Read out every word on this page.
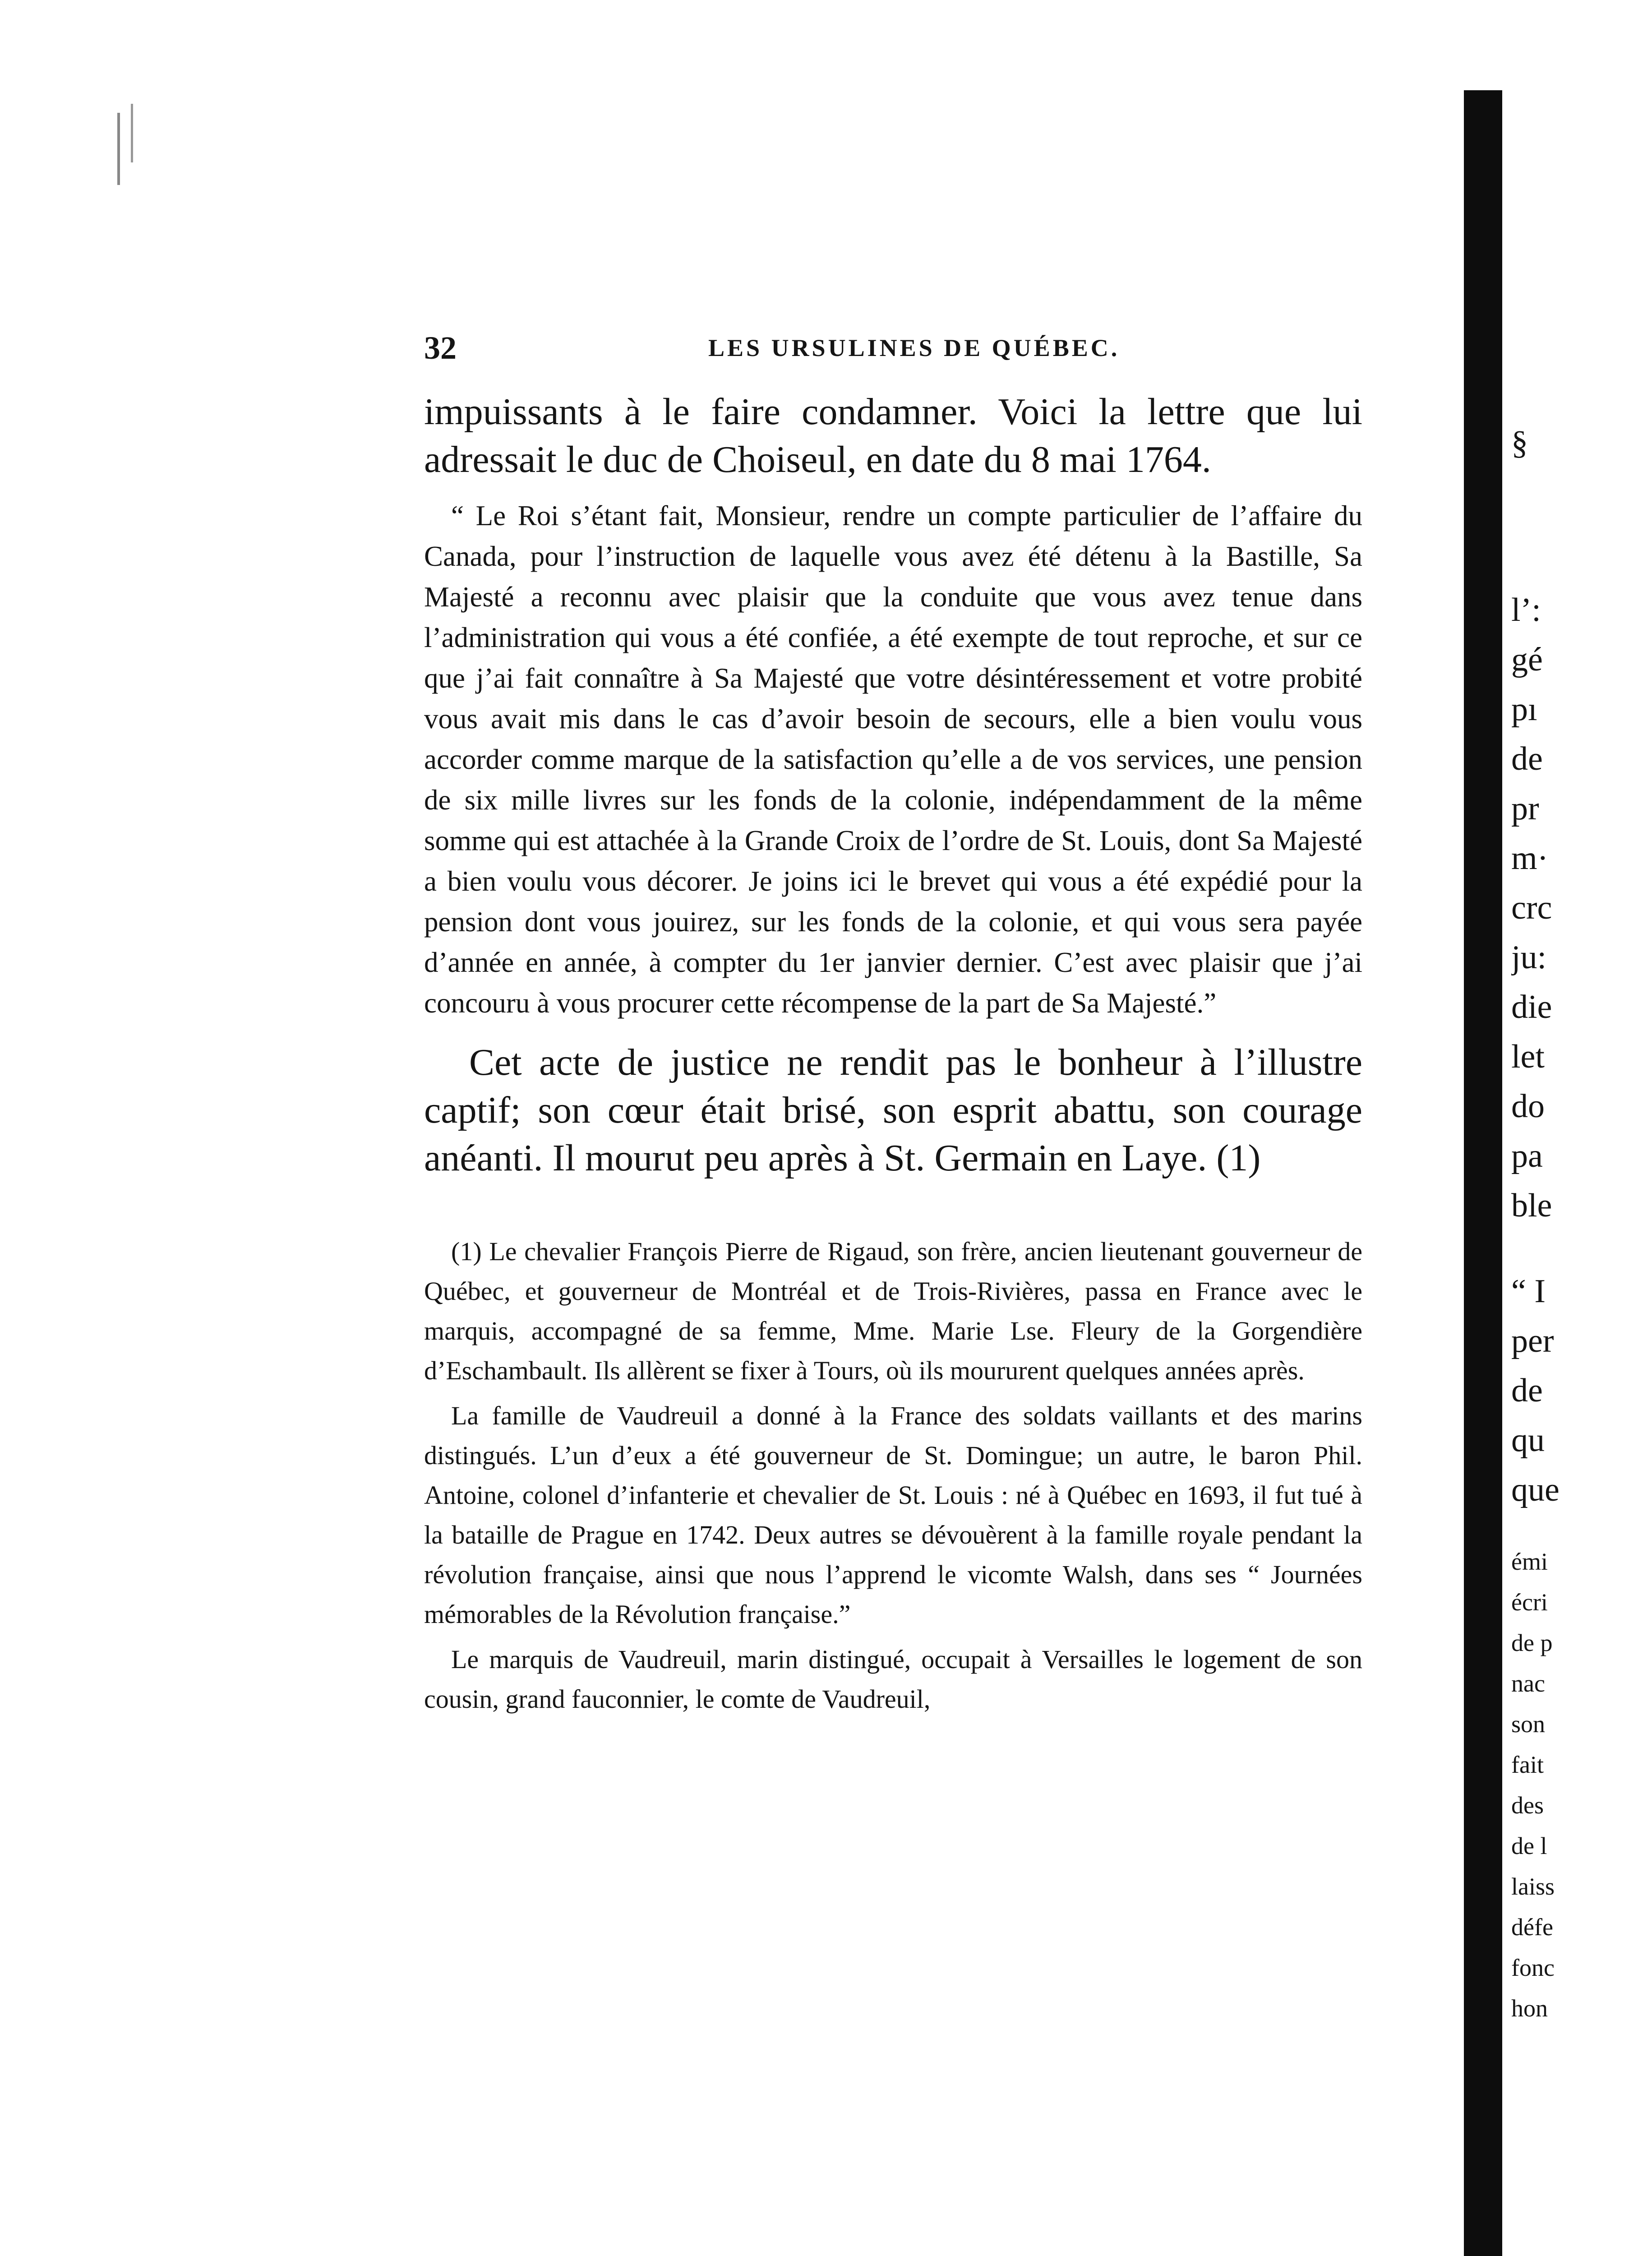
32	LES URSULINES DE QUÉBEC.

impuissants à le faire condamner. Voici la lettre que lui adressait le duc de Choiseul, en date du 8 mai 1764.

“ Le Roi s’étant fait, Monsieur, rendre un compte particulier de l’affaire du Canada, pour l’instruction de laquelle vous avez été détenu à la Bastille, Sa Majesté a reconnu avec plaisir que la conduite que vous avez tenue dans l’administration qui vous a été confiée, a été exempte de tout reproche, et sur ce que j’ai fait connaître à Sa Majesté que votre désintéressement et votre probité vous avait mis dans le cas d’avoir besoin de secours, elle a bien voulu vous accorder comme marque de la satisfaction qu’elle a de vos services, une pension de six mille livres sur les fonds de la colonie, indépendamment de la même somme qui est attachée à la Grande Croix de l’ordre de St. Louis, dont Sa Majesté a bien voulu vous décorer. Je joins ici le brevet qui vous a été expédié pour la pension dont vous jouirez, sur les fonds de la colonie, et qui vous sera payée d’année en année, à compter du 1er janvier dernier. C’est avec plaisir que j’ai concouru à vous procurer cette récompense de la part de Sa Majesté.”

Cet acte de justice ne rendit pas le bonheur à l’illustre captif; son cœur était brisé, son esprit abattu, son courage anéanti. Il mourut peu après à St. Germain en Laye. (1)

(1) Le chevalier François Pierre de Rigaud, son frère, ancien lieutenant gouverneur de Québec, et gouverneur de Montréal et de Trois-Rivières, passa en France avec le marquis, accompagné de sa femme, Mme. Marie Lse. Fleury de la Gorgendière d’Eschambault. Ils allèrent se fixer à Tours, où ils moururent quelques années après.

La famille de Vaudreuil a donné à la France des soldats vaillants et des marins distingués. L’un d’eux a été gouverneur de St. Domingue; un autre, le baron Phil. Antoine, colonel d’infanterie et chevalier de St. Louis : né à Québec en 1693, il fut tué à la bataille de Prague en 1742. Deux autres se dévouèrent à la famille royale pendant la révolution française, ainsi que nous l’apprend le vicomte Walsh, dans ses “ Journées mémorables de la Révolution française.”

Le marquis de Vaudreuil, marin distingué, occupait à Versailles le logement de son cousin, grand fauconnier, le comte de Vaudreuil,

§
l’:
gé
pı
de
pr
m·
crc
ju:
die
let
do
pa
ble
“ I
per
de
qu
que
émi
écri
de p
nac
son
fait
des
de l
laiss
défe
fonc
hon
